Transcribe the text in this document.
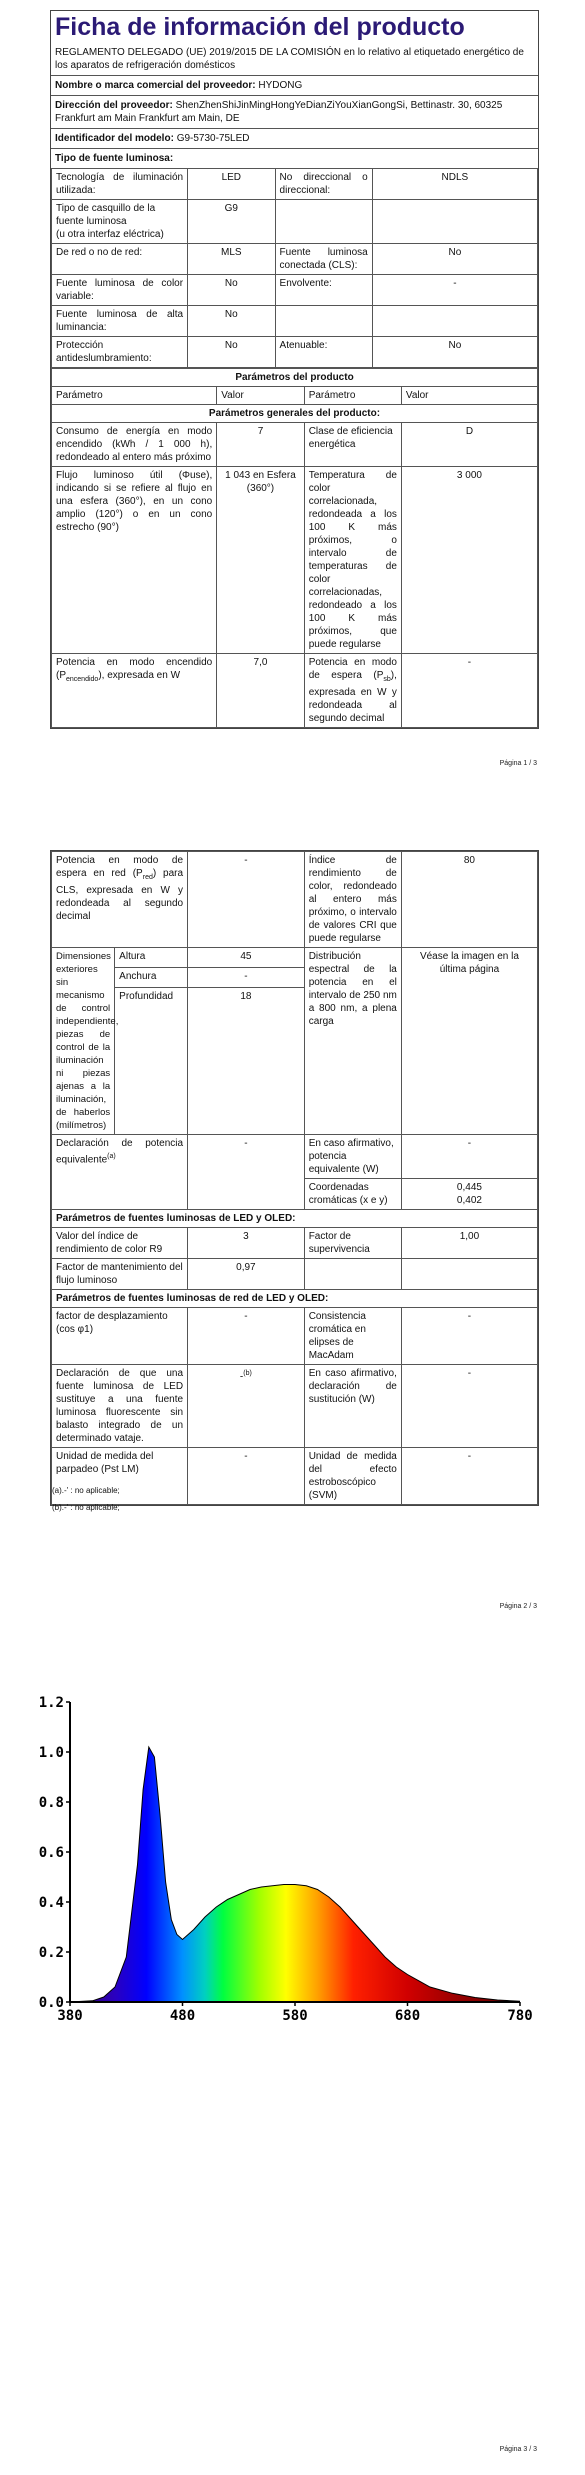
Ficha de información del producto
REGLAMENTO DELEGADO (UE) 2019/2015 DE LA COMISIÓN en lo relativo al etiquetado energético de los aparatos de refrigeración domésticos
Nombre o marca comercial del proveedor: HYDONG
Dirección del proveedor: ShenZhenShiJinMingHongYeDianZiYouXianGongSi, Bettinastr. 30, 60325 Frankfurt am Main Frankfurt am Main, DE
Identificador del modelo: G9-5730-75LED
Tipo de fuente luminosa:
Tecnología de iluminación utilizada:	LED	No direccional o direccional:	NDLS
Tipo de casquillo de la fuente luminosa
(u otra interfaz eléctrica)	G9		
De red o no de red:	MLS	Fuente luminosa conectada (CLS):	No
Fuente luminosa de color variable:	No	Envolvente:	-
Fuente luminosa de alta luminancia:	No		
Protección antideslumbramiento:	No	Atenuable:	No
Parámetros del producto			
Parámetro	Valor	Parámetro	Valor
Parámetros generales del producto:			
Consumo de energía en modo encendido (kWh / 1 000 h), redondeado al entero más próximo	7	Clase de eficiencia energética	D
Flujo luminoso útil (Φuse), indicando si se refiere al flujo en una esfera (360°), en un cono amplio (120°) o en un cono estrecho (90°)	1 043 en Esfera (360°)	Temperatura de color correlacionada, redondeada a los 100 K más próximos, o intervalo de temperaturas de color correlacionadas, redondeado a los 100 K más próximos, que puede regularse	3 000
Potencia en modo encendido $(P_{encendido})$, expresada en W	7,0	Potencia en modo de espera $(P_{sb})$, expresada en W y redondeada al segundo decimal	-
Página 1 / 3
Potencia en modo de espera en red $(P_{red})$ para CLS, expresada en W y redondeada al segundo decimal		-	Índice de rendimiento de color, redondeado al entero más próximo, o intervalo de valores CRI que puede regularse	80
Dimensiones exteriores sin mecanismo de control independiente, piezas de control de la iluminación ni piezas ajenas a la iluminación, de haberlos (milímetros)	Altura	45	Distribución espectral de la potencia en el intervalo de 250 nm a 800 nm, a plena carga	Véase la imagen en la última página
	Anchura	-		
	Profundidad	18		
Declaración de potencia equivalente$^{(a)}$		-	En caso afirmativo, potencia equivalente (W)	-
			Coordenadas cromáticas (x e y)	0,445
0,402
Parámetros de fuentes luminosas de LED y OLED:				
Valor del índice de rendimiento de color R9		3	Factor de supervivencia	1,00
Factor de mantenimiento del flujo luminoso		0,97		
Parámetros de fuentes luminosas de red de LED y OLED:				
factor de desplazamiento (cos φ1)		-	Consistencia cromática en elipses de MacAdam	-
Declaración de que una fuente luminosa de LED sustituye a una fuente luminosa fluorescente sin balasto integrado de un determinado vataje.		-$^{(b)}$	En caso afirmativo, declaración de sustitución (W)	-
Unidad de medida del parpadeo (Pst LM)		-	Unidad de medida del efecto estroboscópico (SVM)	-
(a).-' : no aplicable;
(b).-' : no aplicable;
Página 2 / 3
0.0
0.2
0.4
0.6
0.8
1.0
1.2
380	480	580	680	780
Página 3 / 3
